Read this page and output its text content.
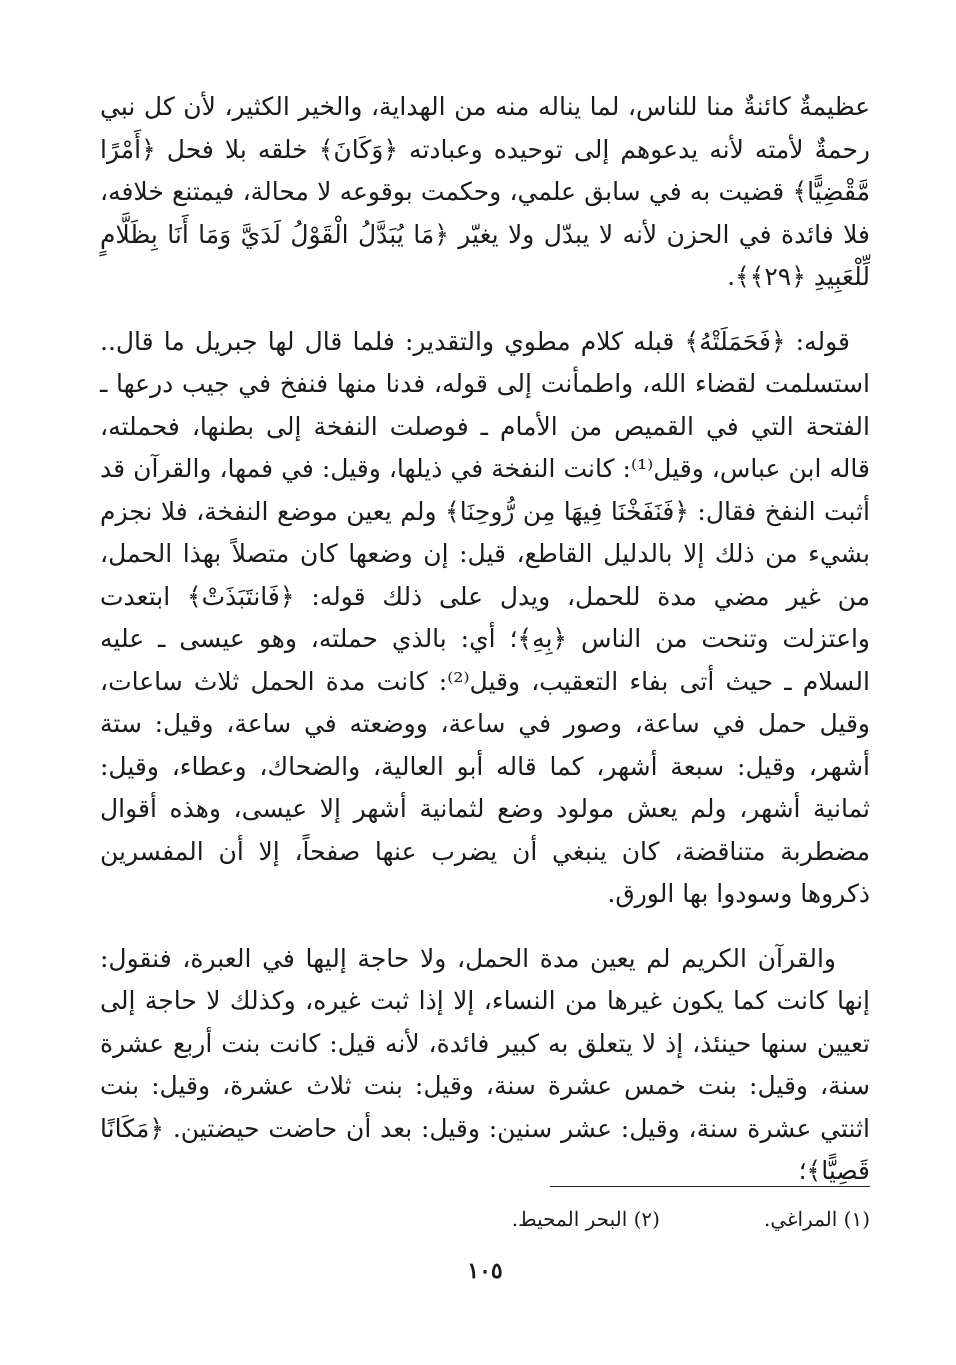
عظيمةٌ كائنةٌ منا للناس، لما يناله منه من الهداية، والخير الكثير، لأن كل نبي رحمةٌ لأمته لأنه يدعوهم إلى توحيده وعبادته ﴿وَكَانَ﴾ خلقه بلا فحل ﴿أَمْرًا مَّقْضِيًّا﴾ قضيت به في سابق علمي، وحكمت بوقوعه لا محالة، فيمتنع خلافه، فلا فائدة في الحزن لأنه لا يبدّل ولا يغيّر ﴿مَا يُبَدَّلُ الْقَوْلُ لَدَيَّ وَمَا أَنَا بِظَلَّامٍ لِّلْعَبِيدِ ﴿٢٩﴾﴾.

قوله: ﴿فَحَمَلَتْهُ﴾ قبله كلام مطوي والتقدير: فلما قال لها جبريل ما قال.. استسلمت لقضاء الله، واطمأنت إلى قوله، فدنا منها فنفخ في جيب درعها ـ الفتحة التي في القميص من الأمام ـ فوصلت النفخة إلى بطنها، فحملته، قاله ابن عباس، وقيل⁽¹⁾: كانت النفخة في ذيلها، وقيل: في فمها، والقرآن قد أثبت النفخ فقال: ﴿فَنَفَخْنَا فِيهَا مِن رُّوحِنَا﴾ ولم يعين موضع النفخة، فلا نجزم بشيء من ذلك إلا بالدليل القاطع، قيل: إن وضعها كان متصلاً بهذا الحمل، من غير مضي مدة للحمل، ويدل على ذلك قوله: ﴿فَانتَبَذَتْ﴾ ابتعدت واعتزلت وتنحت من الناس ﴿بِهِ﴾؛ أي: بالذي حملته، وهو عيسى ـ عليه السلام ـ حيث أتى بفاء التعقيب، وقيل⁽²⁾: كانت مدة الحمل ثلاث ساعات، وقيل حمل في ساعة، وصور في ساعة، ووضعته في ساعة، وقيل: ستة أشهر، وقيل: سبعة أشهر، كما قاله أبو العالية، والضحاك، وعطاء، وقيل: ثمانية أشهر، ولم يعش مولود وضع لثمانية أشهر إلا عيسى، وهذه أقوال مضطربة متناقضة، كان ينبغي أن يضرب عنها صفحاً، إلا أن المفسرين ذكروها وسودوا بها الورق.

والقرآن الكريم لم يعين مدة الحمل، ولا حاجة إليها في العبرة، فنقول: إنها كانت كما يكون غيرها من النساء، إلا إذا ثبت غيره، وكذلك لا حاجة إلى تعيين سنها حينئذ، إذ لا يتعلق به كبير فائدة، لأنه قيل: كانت بنت أربع عشرة سنة، وقيل: بنت خمس عشرة سنة، وقيل: بنت ثلاث عشرة، وقيل: بنت اثنتي عشرة سنة، وقيل: عشر سنين: وقيل: بعد أن حاضت حيضتين. ﴿مَكَانًا قَصِيًّا﴾؛

(١) المراغي.
(٢) البحر المحيط.
١٠٥
